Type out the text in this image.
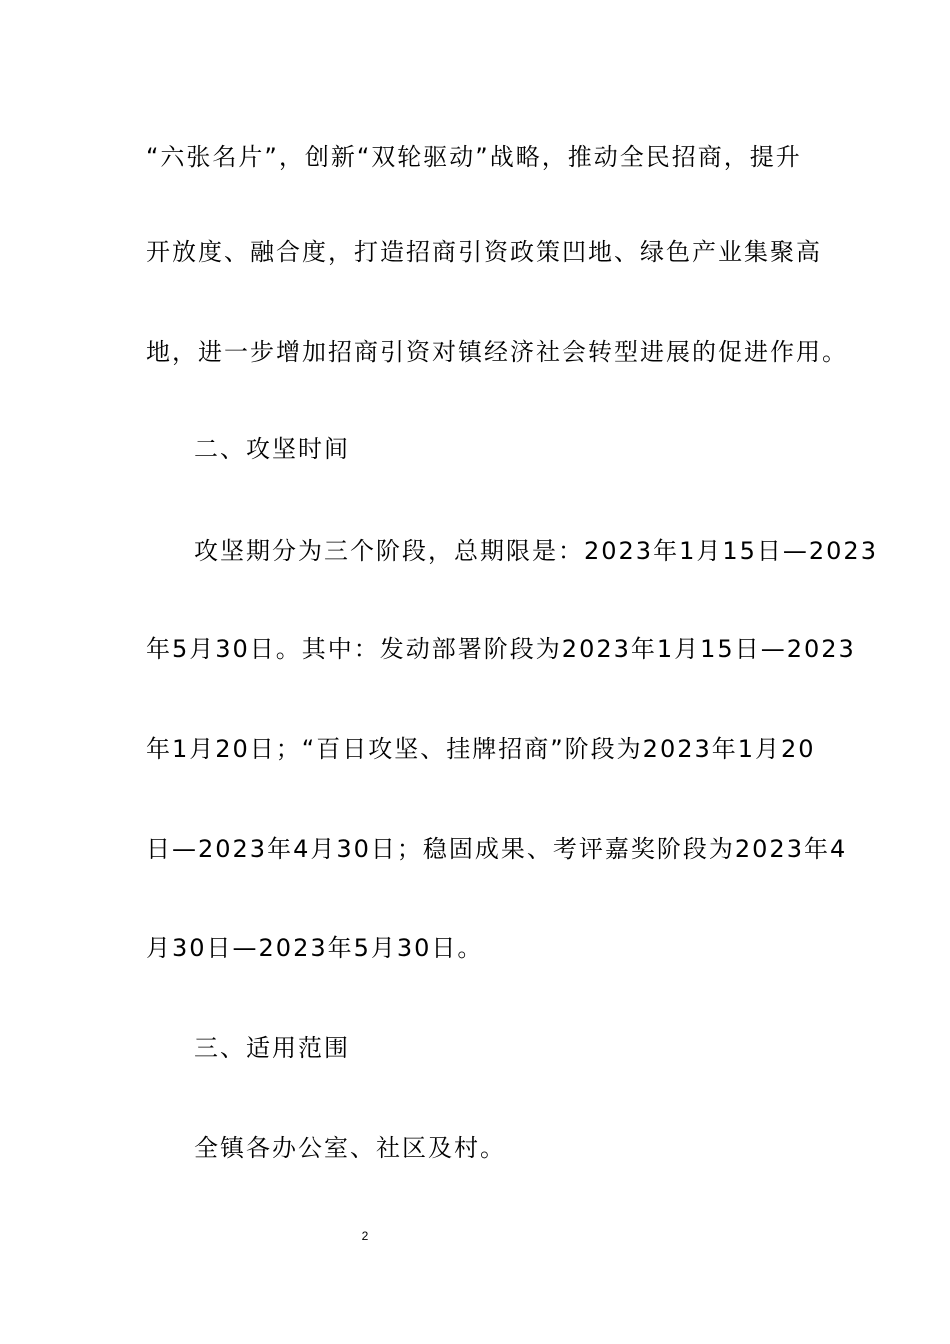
“六张名片”，创新“双轮驱动”战略，推动全民招商，提升
开放度、融合度，打造招商引资政策凹地、绿色产业集聚高
地，进一步增加招商引资对镇经济社会转型进展的促进作用。
二、攻坚时间
攻坚期分为三个阶段，总期限是：2023年1月15日—2023
年5月30日。其中：发动部署阶段为2023年1月15日—2023
年1月20日；“百日攻坚、挂牌招商”阶段为2023年1月20
日—2023年4月30日；稳固成果、考评嘉奖阶段为2023年4
月30日—2023年5月30日。
三、适用范围
全镇各办公室、社区及村。
2
